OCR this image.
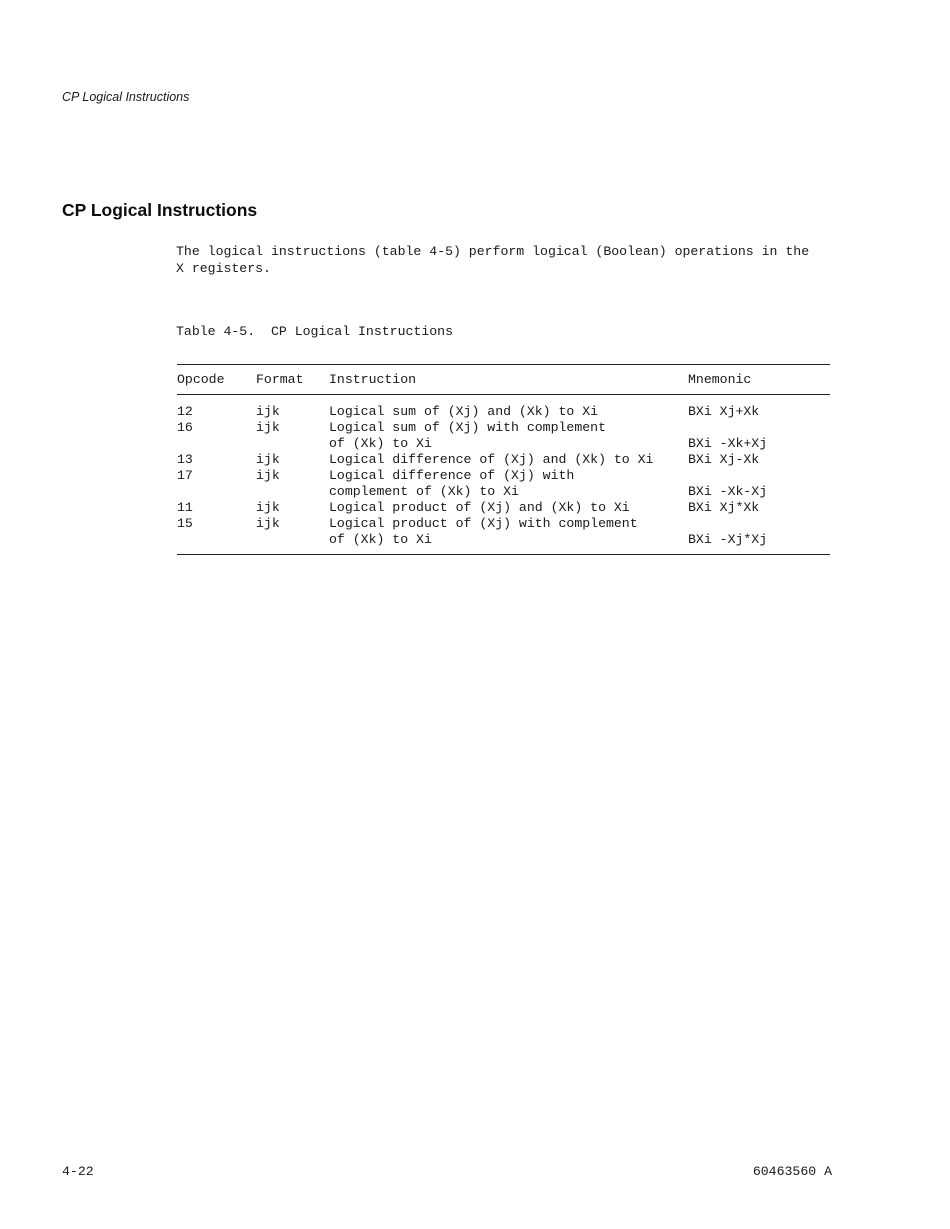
CP Logical Instructions
CP Logical Instructions

The logical instructions (table 4-5) perform logical (Boolean) operations in the X registers.

Table 4-5.  CP Logical Instructions
Opcode	Format	Instruction	Mnemonic
12	ijk	Logical sum of (Xj) and (Xk) to Xi	BXi Xj+Xk
16	ijk	Logical sum of (Xj) with complement
of (Xk) to Xi	BXi -Xk+Xj
13	ijk	Logical difference of (Xj) and (Xk) to Xi	BXi Xj-Xk
17	ijk	Logical difference of (Xj) with
complement of (Xk) to Xi	BXi -Xk-Xj
11	ijk	Logical product of (Xj) and (Xk) to Xi	BXi Xj*Xk
15	ijk	Logical product of (Xj) with complement
of (Xk) to Xi	BXi -Xj*Xj
4-22	60463560 A
